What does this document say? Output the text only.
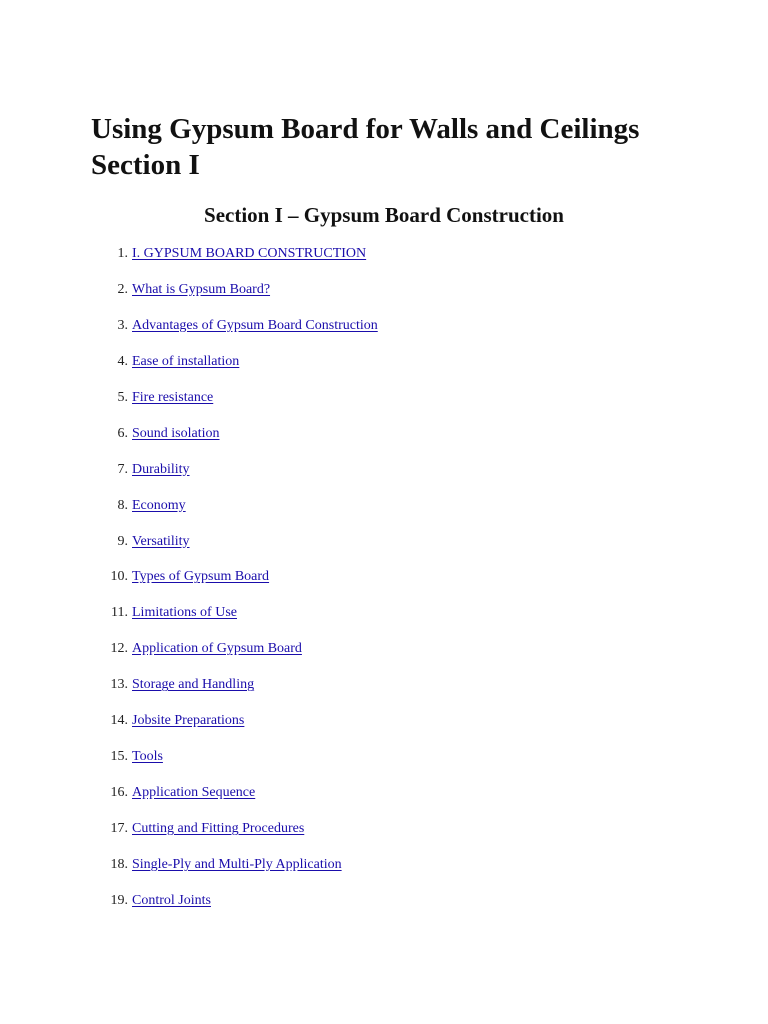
Using Gypsum Board for Walls and Ceilings
Section I
Section I – Gypsum Board Construction
1. I. GYPSUM BOARD CONSTRUCTION
2. What is Gypsum Board?
3. Advantages of Gypsum Board Construction
4. Ease of installation
5. Fire resistance
6. Sound isolation
7. Durability
8. Economy
9. Versatility
10. Types of Gypsum Board
11. Limitations of Use
12. Application of Gypsum Board
13. Storage and Handling
14. Jobsite Preparations
15. Tools
16. Application Sequence
17. Cutting and Fitting Procedures
18. Single-Ply and Multi-Ply Application
19. Control Joints
